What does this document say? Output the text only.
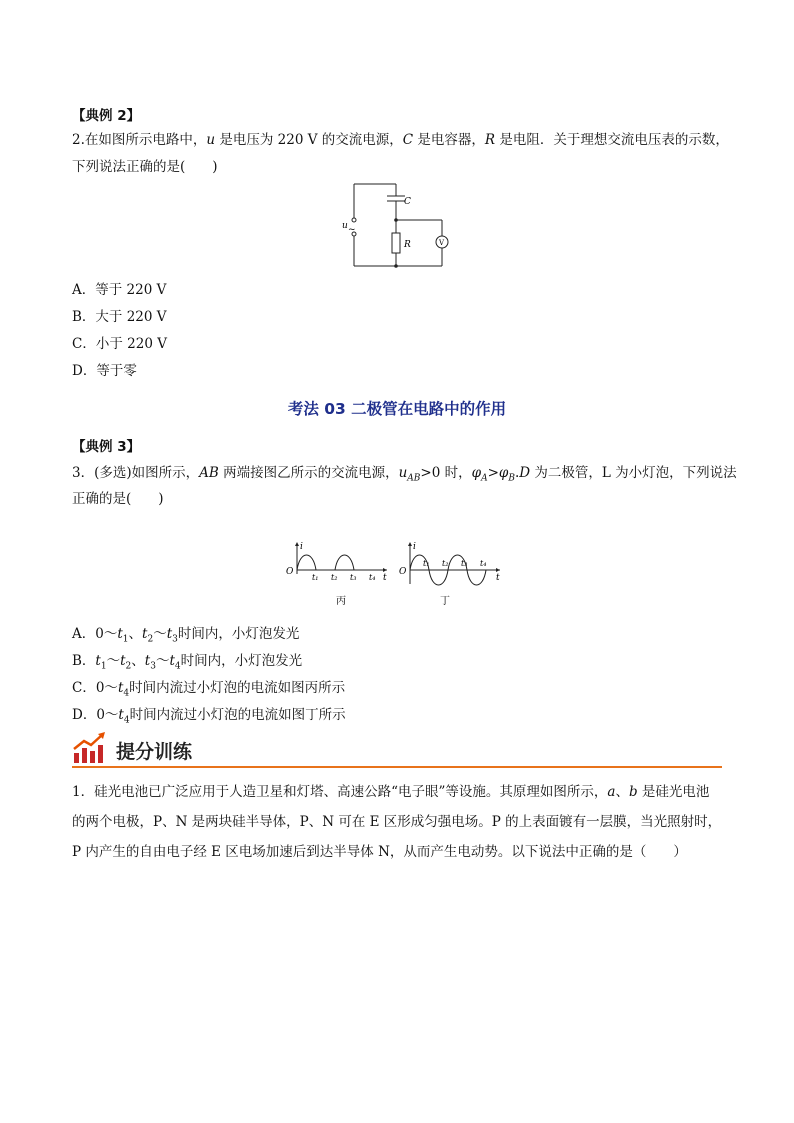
【典例 2】
2.在如图所示电路中，u 是电压为 220 V 的交流电源，C 是电容器，R 是电阻．关于理想交流电压表的示数，
下列说法正确的是(　　)
C
R
u ~
V
A．等于 220 V
B．大于 220 V
C．小于 220 V
D．等于零
考法 03 二极管在电路中的作用
【典例 3】
3．(多选)如图所示，AB 两端接图乙所示的交流电源，$u_{AB}>0$ 时，$\varphi_A>\varphi_B.D$ 为二极管，L 为小灯泡，下列说法
正确的是(　　)
i
t
O
t₁ t₂ t₃ t₄
丙
i
t
O
t₁ t₂ t₃ t₄
丁
A．$0\sim t_1$、$t_2\sim t_3$时间内，小灯泡发光
B．$t_1\sim t_2$、$t_3\sim t_4$时间内，小灯泡发光
C．$0\sim t_4$时间内流过小灯泡的电流如图丙所示
D．$0\sim t_4$时间内流过小灯泡的电流如图丁所示
提分训练
1．硅光电池已广泛应用于人造卫星和灯塔、高速公路“电子眼”等设施。其原理如图所示，a、b 是硅光电池
的两个电极，P、N 是两块硅半导体，P、N 可在 E 区形成匀强电场。P 的上表面镀有一层膜，当光照射时，
P 内产生的自由电子经 E 区电场加速后到达半导体 N，从而产生电动势。以下说法中正确的是（　　）
